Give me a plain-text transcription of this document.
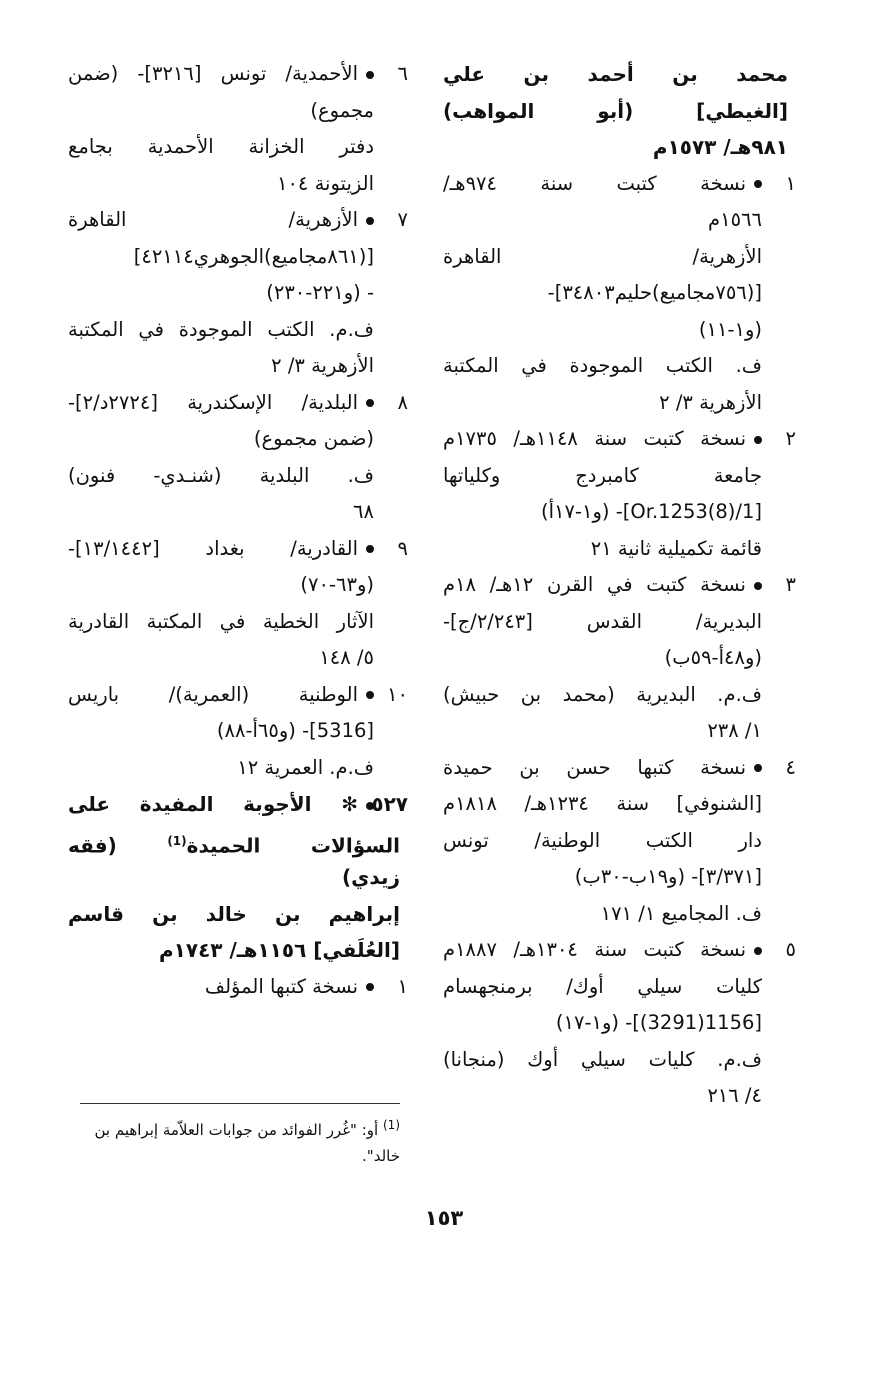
محمد بن أحمد بن علي
[الغيطي] (أبو المواهب)
٩٨١هـ/ ١٥٧٣م
١
نسخة كتبت سنة ٩٧٤هـ/
١٥٦٦م
الأزهرية/ القاهرة
[(٧٥٦مجاميع)حليم٣٤٨٠٣]-
(و١-١١)
ف. الكتب الموجودة في المكتبة
الأزهرية ٣/ ٢
٢
نسخة كتبت سنة ١١٤٨هـ/ ١٧٣٥م
جامعة كامبردج وكلياتها
[Or.1253(8)/1]- (و١-١٧أ)
قائمة تكميلية ثانية ٢١
٣
نسخة كتبت في القرن ١٢هـ/ ١٨م
البديرية/ القدس [٢/٢٤٣/ج]-
(و٤٨أ-٥٩ب)
ف.م. البديرية (محمد بن حبيش)
١/ ٢٣٨
٤
نسخة كتبها حسن بن حميدة
[الشنوفي] سنة ١٢٣٤هـ/ ١٨١٨م
دار الكتب الوطنية/ تونس
[٣/٣٧١]- (و١٩ب-٣٠ب)
ف. المجاميع ١/ ١٧١
٥
نسخة كتبت سنة ١٣٠٤هـ/ ١٨٨٧م
كليات سيلي أوك/ برمنجهسام
[1156(3291)]- (و١-١٧)
ف.م. كليات سيلي أوك (منجانا)
٤/ ٢١٦
٦
الأحمدية/ تونس [٣٢١٦]- (ضمن
مجموع)
دفتر الخزانة الأحمدية بجامع
الزيتونة ١٠٤
٧
الأزهرية/ القاهرة
[(٨٦١مجاميع)الجوهري٤٢١١٤]
- (و٢٢١-٢٣٠)
ف.م. الكتب الموجودة في المكتبة
الأزهرية ٣/ ٢
٨
البلدية/ الإسكندرية [٢٧٢٤د/٢]-
(ضمن مجموع)
ف. البلدية (شنـدي- فنون)
٦٨
٩
القادرية/ بغداد [١٣/١٤٤٢]-
(و٦٣-٧٠)
الآثار الخطية في المكتبة القادرية
٥/ ١٤٨
١٠
الوطنية (العمرية)/ باريس
[5316]- (و٦٥أ-٨٨)
ف.م. العمرية ١٢
٥٢٧
✻ الأجوبة المفيدة على
السؤالات الحميدة$^{(1)}$ (فقه
زيدي)
إبراهيم بن خالد بن قاسم
[العُلَفي] ١١٥٦هـ/ ١٧٤٣م
١
نسخة كتبها المؤلف
$^{(1)}$ أو: "غُرر الفوائد من جوابات العلاّمة إبراهيم بن خالد".
١٥٣
